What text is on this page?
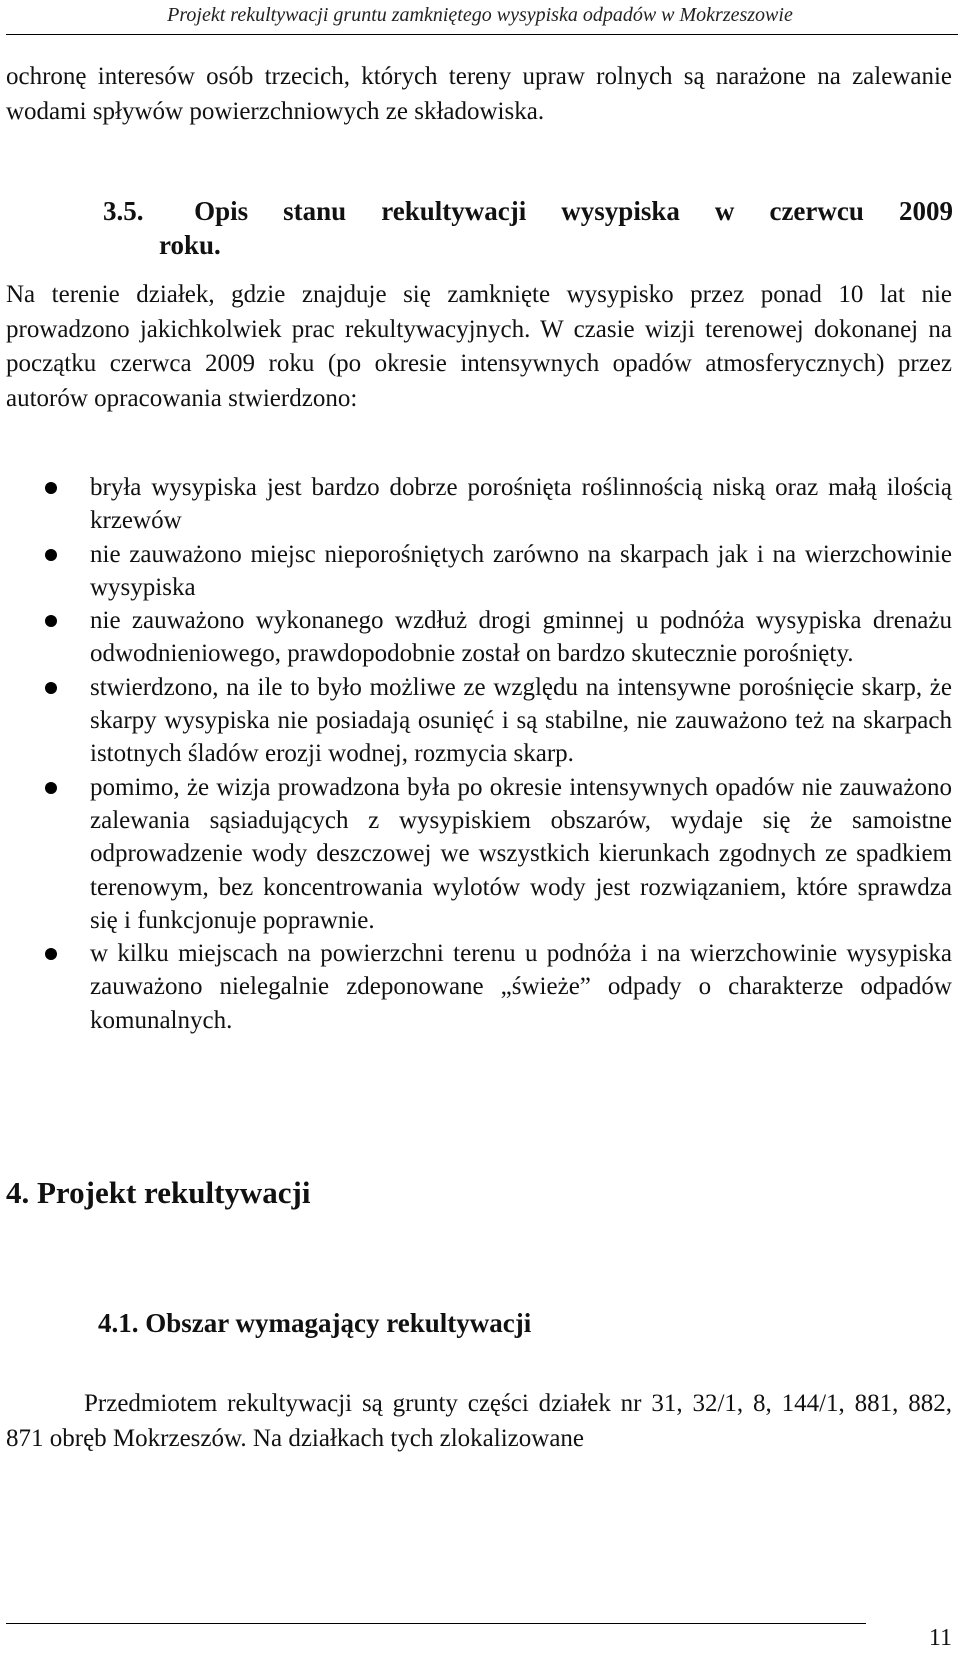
Projekt rekultywacji gruntu zamkniętego wysypiska odpadów w Mokrzeszowie

ochronę interesów osób trzecich, których tereny upraw rolnych są narażone na zalewanie wodami spływów powierzchniowych ze składowiska.

3.5.	Opis stanu rekultywacji wysypiska w czerwcu 2009
roku.

Na terenie działek, gdzie znajduje się zamknięte wysypisko przez ponad 10 lat nie prowadzono jakichkolwiek prac rekultywacyjnych. W czasie wizji terenowej dokonanej na początku czerwca 2009 roku (po okresie intensywnych opadów atmosferycznych) przez autorów opracowania stwierdzono:

bryła wysypiska jest bardzo dobrze porośnięta roślinnością niską oraz małą ilością krzewów
nie zauważono miejsc nieporośniętych zarówno na skarpach jak i na wierzchowinie wysypiska
nie zauważono wykonanego wzdłuż drogi gminnej u podnóża wysypiska drenażu odwodnieniowego, prawdopodobnie został on bardzo skutecznie porośnięty.
stwierdzono, na ile to było możliwe ze względu na intensywne porośnięcie skarp, że skarpy wysypiska nie posiadają osunięć i są stabilne, nie zauważono też na skarpach istotnych śladów erozji wodnej, rozmycia skarp.
pomimo, że wizja prowadzona była po okresie intensywnych opadów nie zauważono zalewania sąsiadujących z wysypiskiem obszarów, wydaje się że samoistne odprowadzenie wody deszczowej we wszystkich kierunkach zgodnych ze spadkiem terenowym, bez koncentrowania wylotów wody jest rozwiązaniem, które sprawdza się i funkcjonuje poprawnie.
w kilku miejscach na powierzchni terenu u podnóża i na wierzchowinie wysypiska zauważono nielegalnie zdeponowane „świeże” odpady o charakterze odpadów komunalnych.
4. Projekt rekultywacji
4.1. Obszar wymagający rekultywacji

Przedmiotem rekultywacji są grunty części działek nr 31, 32/1, 8, 144/1, 881, 882, 871 obręb Mokrzeszów. Na działkach tych zlokalizowane

11
